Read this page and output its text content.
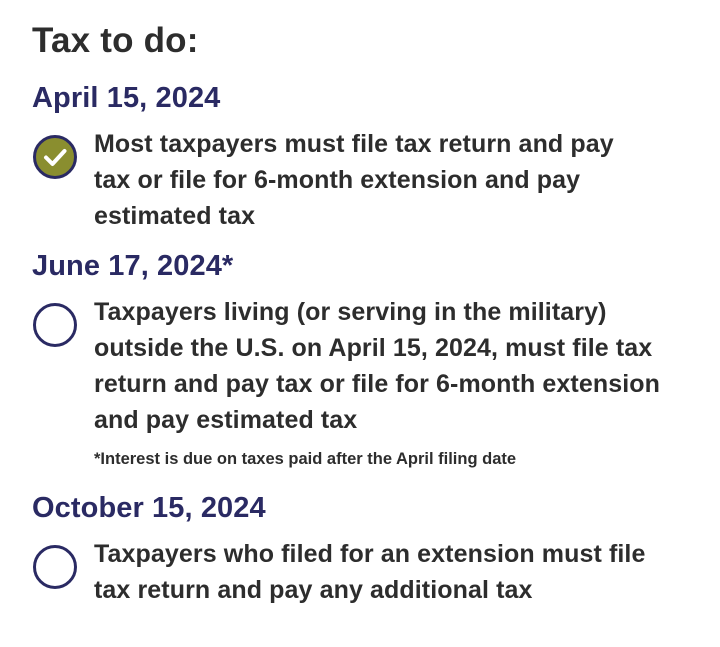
Tax to do:
April 15, 2024
Most taxpayers must file tax return and pay tax or file for 6-month extension and pay estimated tax
June 17, 2024*
Taxpayers living (or serving in the military) outside the U.S. on April 15, 2024, must file tax return and pay tax or file for 6-month extension and pay estimated tax
*Interest is due on taxes paid after the April filing date
October 15, 2024
Taxpayers who filed for an extension must file tax return and pay any additional tax
